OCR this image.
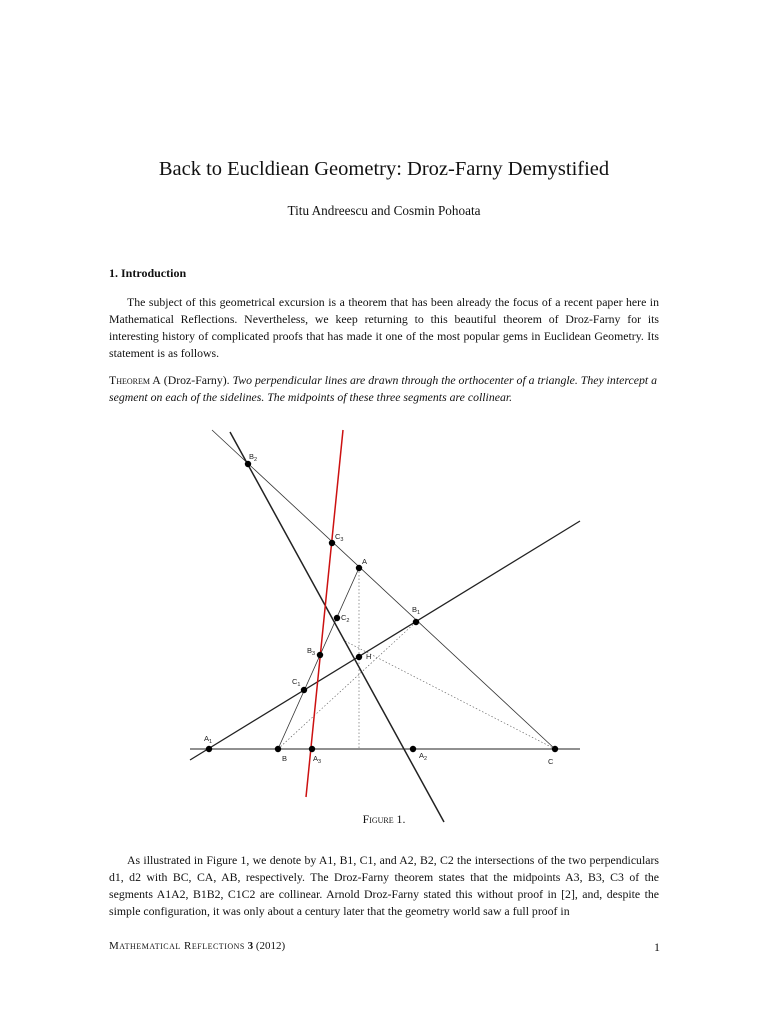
Back to Eucldiean Geometry: Droz-Farny Demystified
Titu Andreescu and Cosmin Pohoata
1. Introduction
The subject of this geometrical excursion is a theorem that has been already the focus of a recent paper here in Mathematical Reflections. Nevertheless, we keep returning to this beautiful theorem of Droz-Farny for its interesting history of complicated proofs that has made it one of the most popular gems in Euclidean Geometry. Its statement is as follows.
Theorem A (Droz-Farny). Two perpendicular lines are drawn through the orthocenter of a triangle. They intercept a segment on each of the sidelines. The midpoints of these three segments are collinear.
A
B	C
H
$A_1$
$A_2$
$A_3$
$B_1$
$B_2$
$B_3$
$C_1$
$C_2$
$C_3$
Figure 1.
As illustrated in Figure 1, we denote by A1, B1, C1, and A2, B2, C2 the intersections of the two perpendiculars d1, d2 with BC, CA, AB, respectively. The Droz-Farny theorem states that the midpoints A3, B3, C3 of the segments A1A2, B1B2, C1C2 are collinear. Arnold Droz-Farny stated this without proof in [2], and, despite the simple configuration, it was only about a century later that the geometry world saw a full proof in
Mathematical Reflections 3 (2012)	1
